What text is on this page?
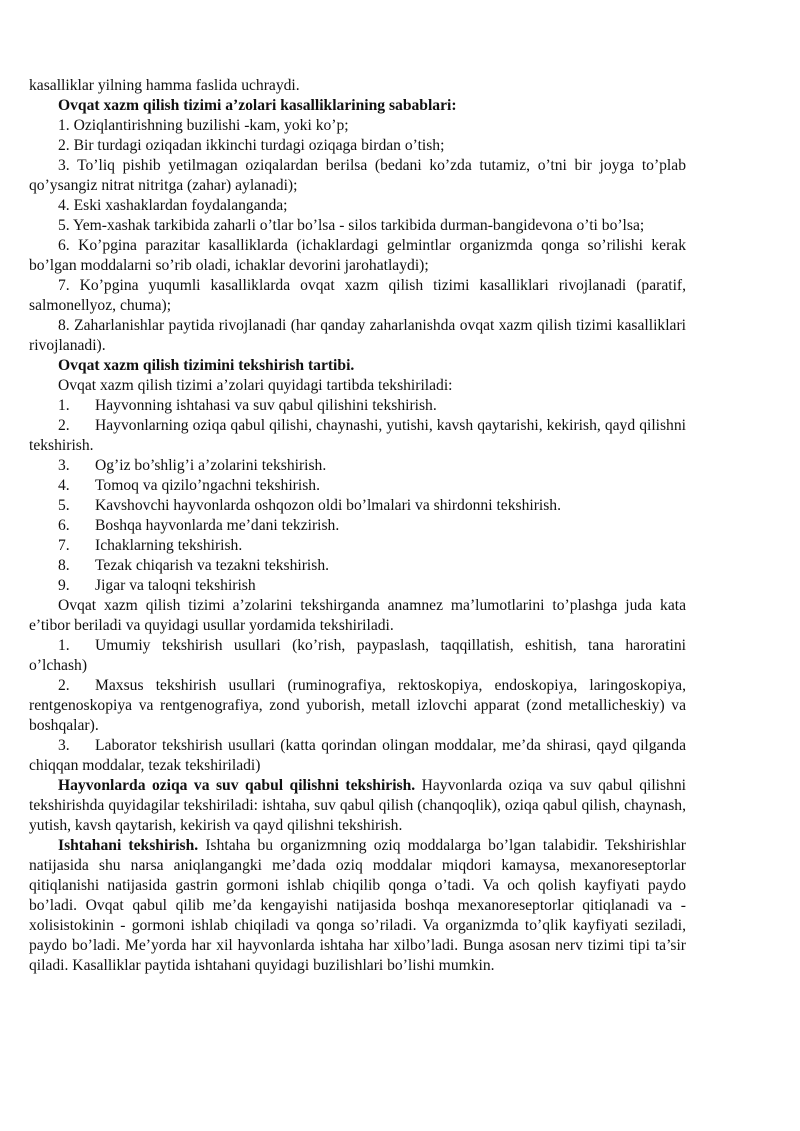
kasalliklar yilning hamma faslida uchraydi.

Ovqat xazm qilish tizimi a’zolari kasalliklarining sabablari:

1. Oziqlantirishning buzilishi -kam, yoki ko’p;

2. Bir turdagi oziqadan ikkinchi turdagi oziqaga birdan o’tish;

3. To’liq pishib yetilmagan oziqalardan berilsa (bedani ko’zda tutamiz, o’tni bir joyga to’plab qo’ysangiz nitrat nitritga (zahar) aylanadi);

4. Eski xashaklardan foydalanganda;

5. Yem-xashak tarkibida zaharli o’tlar bo’lsa - silos tarkibida durman-bangidevona o’ti bo’lsa;

6. Ko’pgina parazitar kasalliklarda (ichaklardagi gelmintlar organizmda qonga so’rilishi kerak bo’lgan moddalarni so’rib oladi, ichaklar devorini jarohatlaydi);

7. Ko’pgina yuqumli kasalliklarda ovqat xazm qilish tizimi kasalliklari rivojlanadi (paratif, salmonellyoz, chuma);

8. Zaharlanishlar paytida rivojlanadi (har qanday zaharlanishda ovqat xazm qilish tizimi kasalliklari rivojlanadi).

Ovqat xazm qilish tizimini tekshirish tartibi.

Ovqat xazm qilish tizimi a’zolari quyidagi tartibda tekshiriladi:

1. Hayvonning ishtahasi va suv qabul qilishini tekshirish.

2. Hayvonlarning oziqa qabul qilishi, chaynashi, yutishi, kavsh qaytarishi, kekirish, qayd qilishni tekshirish.

3. Og’iz bo’shlig’i a’zolarini tekshirish.

4. Tomoq va qizilo’ngachni tekshirish.

5. Kavshovchi hayvonlarda oshqozon oldi bo’lmalari va shirdonni tekshirish.

6. Boshqa hayvonlarda me’dani tekzirish.

7. Ichaklarning tekshirish.

8. Tezak chiqarish va tezakni tekshirish.

9. Jigar va taloqni tekshirish

Ovqat xazm qilish tizimi a’zolarini tekshirganda anamnez ma’lumotlarini to’plashga juda kata e’tibor beriladi va quyidagi usullar yordamida tekshiriladi.

1. Umumiy tekshirish usullari (ko’rish, paypaslash, taqqillatish, eshitish, tana haroratini o’lchash)

2. Maxsus tekshirish usullari (ruminografiya, rektoskopiya, endoskopiya, laringoskopiya, rentgenoskopiya va rentgenografiya, zond yuborish, metall izlovchi apparat (zond metallicheskiy) va boshqalar).

3. Laborator tekshirish usullari (katta qorindan olingan moddalar, me’da shirasi, qayd qilganda chiqqan moddalar, tezak tekshiriladi)

Hayvonlarda oziqa va suv qabul qilishni tekshirish. Hayvonlarda oziqa va suv qabul qilishni tekshirishda quyidagilar tekshiriladi: ishtaha, suv qabul qilish (chanqoqlik), oziqa qabul qilish, chaynash, yutish, kavsh qaytarish, kekirish va qayd qilishni tekshirish.

Ishtahani tekshirish. Ishtaha bu organizmning oziq moddalarga bo’lgan talabidir. Tekshirishlar natijasida shu narsa aniqlangangki me’dada oziq moddalar miqdori kamaysa, mexanoreseptorlar qitiqlanishi natijasida gastrin gormoni ishlab chiqilib qonga o’tadi. Va och qolish kayfiyati paydo bo’ladi. Ovqat qabul qilib me’da kengayishi natijasida boshqa mexanoreseptorlar qitiqlanadi va - xolisistokinin - gormoni ishlab chiqiladi va qonga so’riladi. Va organizmda to’qlik kayfiyati seziladi, paydo bo’ladi. Me’yorda har xil hayvonlarda ishtaha har xilbo’ladi. Bunga asosan nerv tizimi tipi ta’sir qiladi. Kasalliklar paytida ishtahani quyidagi buzilishlari bo’lishi mumkin.
